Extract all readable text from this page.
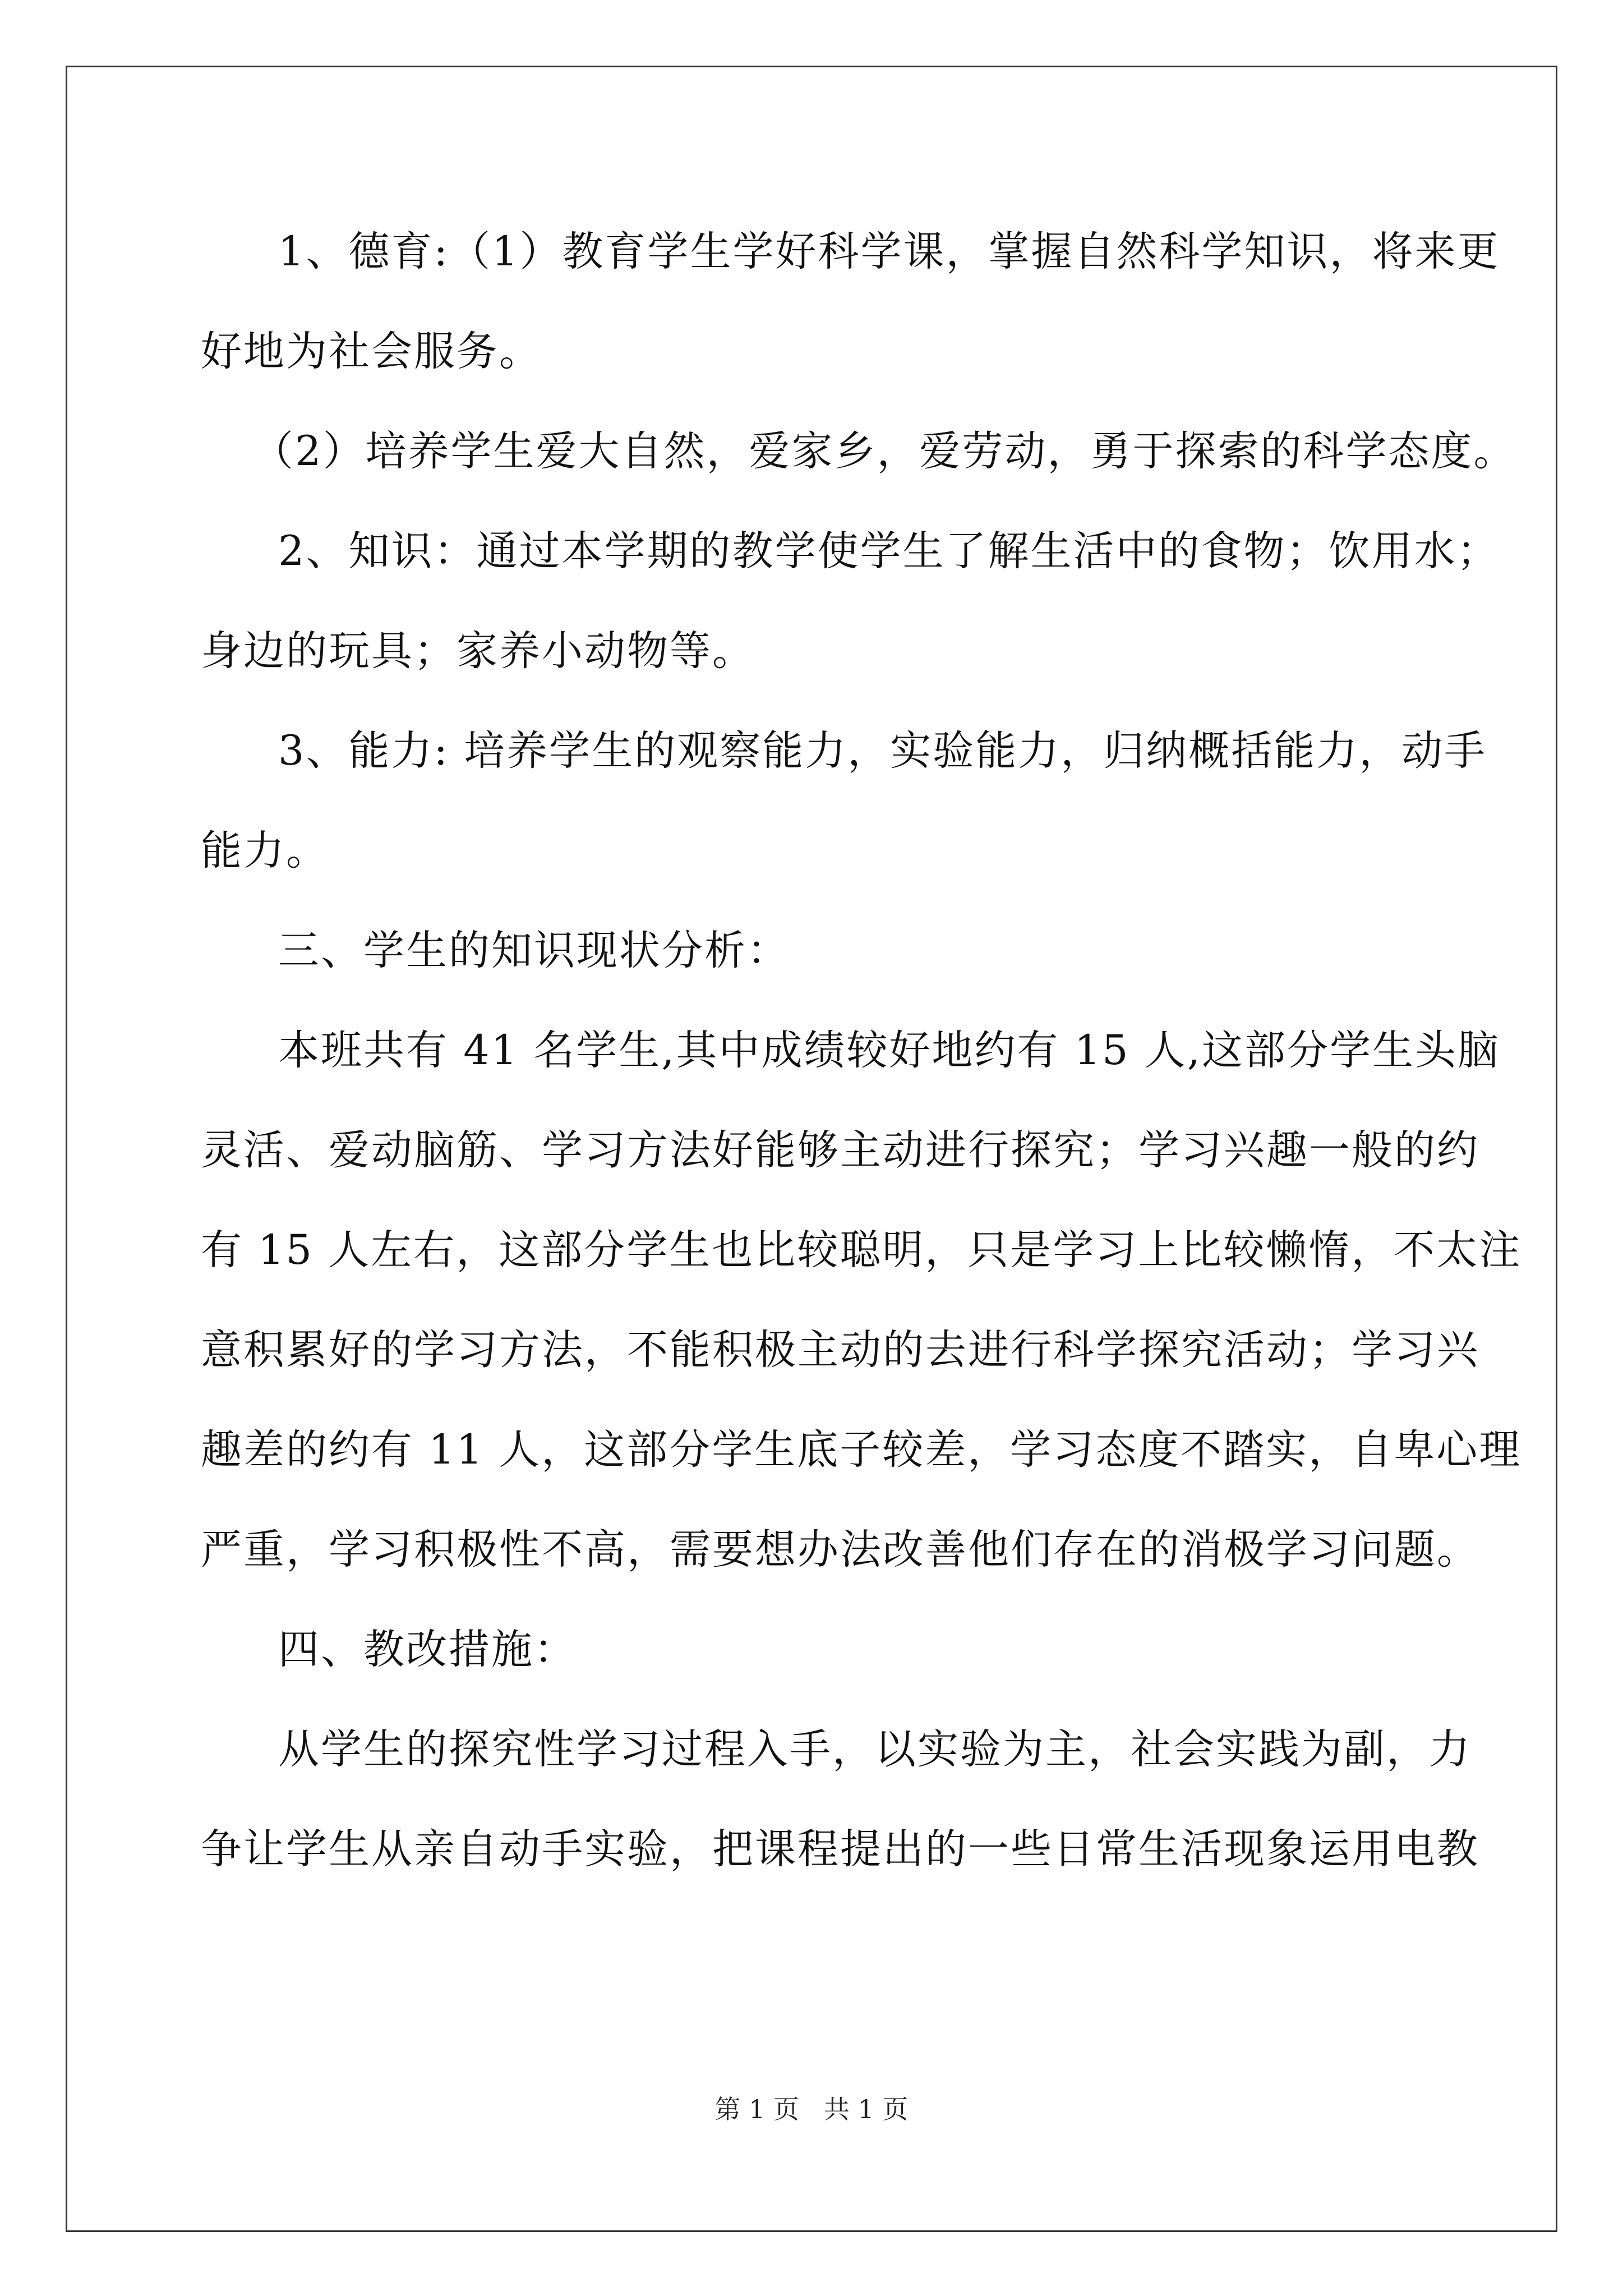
1、德育:（1）教育学生学好科学课，掌握自然科学知识，将来更
好地为社会服务。
（2）培养学生爱大自然，爱家乡，爱劳动，勇于探索的科学态度。
2、知识：通过本学期的教学使学生了解生活中的食物；饮用水；
身边的玩具；家养小动物等。
3、能力: 培养学生的观察能力，实验能力，归纳概括能力，动手
能力。
三、学生的知识现状分析：
本班共有 41 名学生,其中成绩较好地约有 15 人,这部分学生头脑
灵活、爱动脑筋、学习方法好能够主动进行探究；学习兴趣一般的约
有 15 人左右，这部分学生也比较聪明，只是学习上比较懒惰，不太注
意积累好的学习方法，不能积极主动的去进行科学探究活动；学习兴
趣差的约有 11 人，这部分学生底子较差，学习态度不踏实，自卑心理
严重，学习积极性不高，需要想办法改善他们存在的消极学习问题。
四、教改措施：
从学生的探究性学习过程入手，以实验为主，社会实践为副，力
争让学生从亲自动手实验，把课程提出的一些日常生活现象运用电教
第 1 页   共 1 页
